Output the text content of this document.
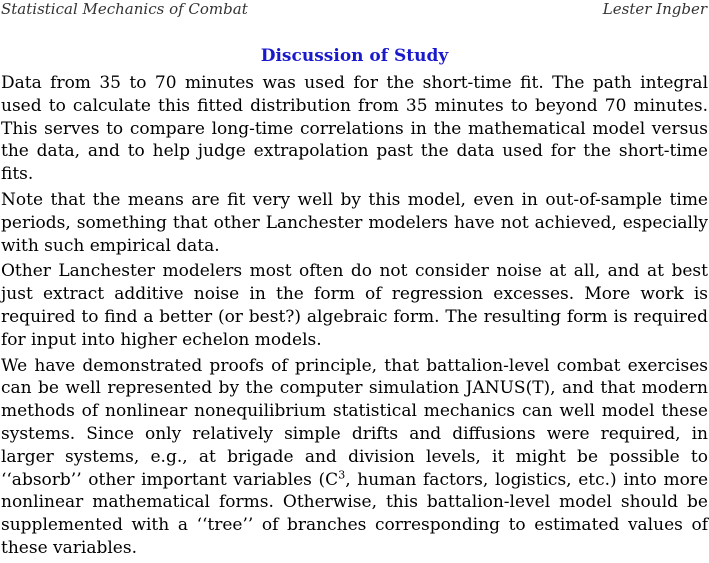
Statistical Mechanics of Combat	Lester Ingber
Discussion of Study

Data from 35 to 70 minutes was used for the short-time fit. The path integral used to calculate this fitted distribution from 35 minutes to beyond 70 minutes. This serves to compare long-time correlations in the mathematical model versus the data, and to help judge extrapolation past the data used for the short-time fits.

Note that the means are fit very well by this model, even in out-of-sample time periods, something that other Lanchester modelers have not achieved, especially with such empirical data.

Other Lanchester modelers most often do not consider noise at all, and at best just extract additive noise in the form of regression excesses. More work is required to find a better (or best?) algebraic form. The resulting form is required for input into higher echelon models.

We have demonstrated proofs of principle, that battalion-level combat exercises can be well represented by the computer simulation JANUS(T), and that modern methods of nonlinear nonequilibrium statistical mechanics can well model these systems. Since only relatively simple drifts and diffusions were required, in larger systems, e.g., at brigade and division levels, it might be possible to ‘‘absorb’’ other important variables ($C^3$, human factors, logistics, etc.) into more nonlinear mathematical forms. Otherwise, this battalion-level model should be supplemented with a ‘‘tree’’ of branches corresponding to estimated values of these variables.
